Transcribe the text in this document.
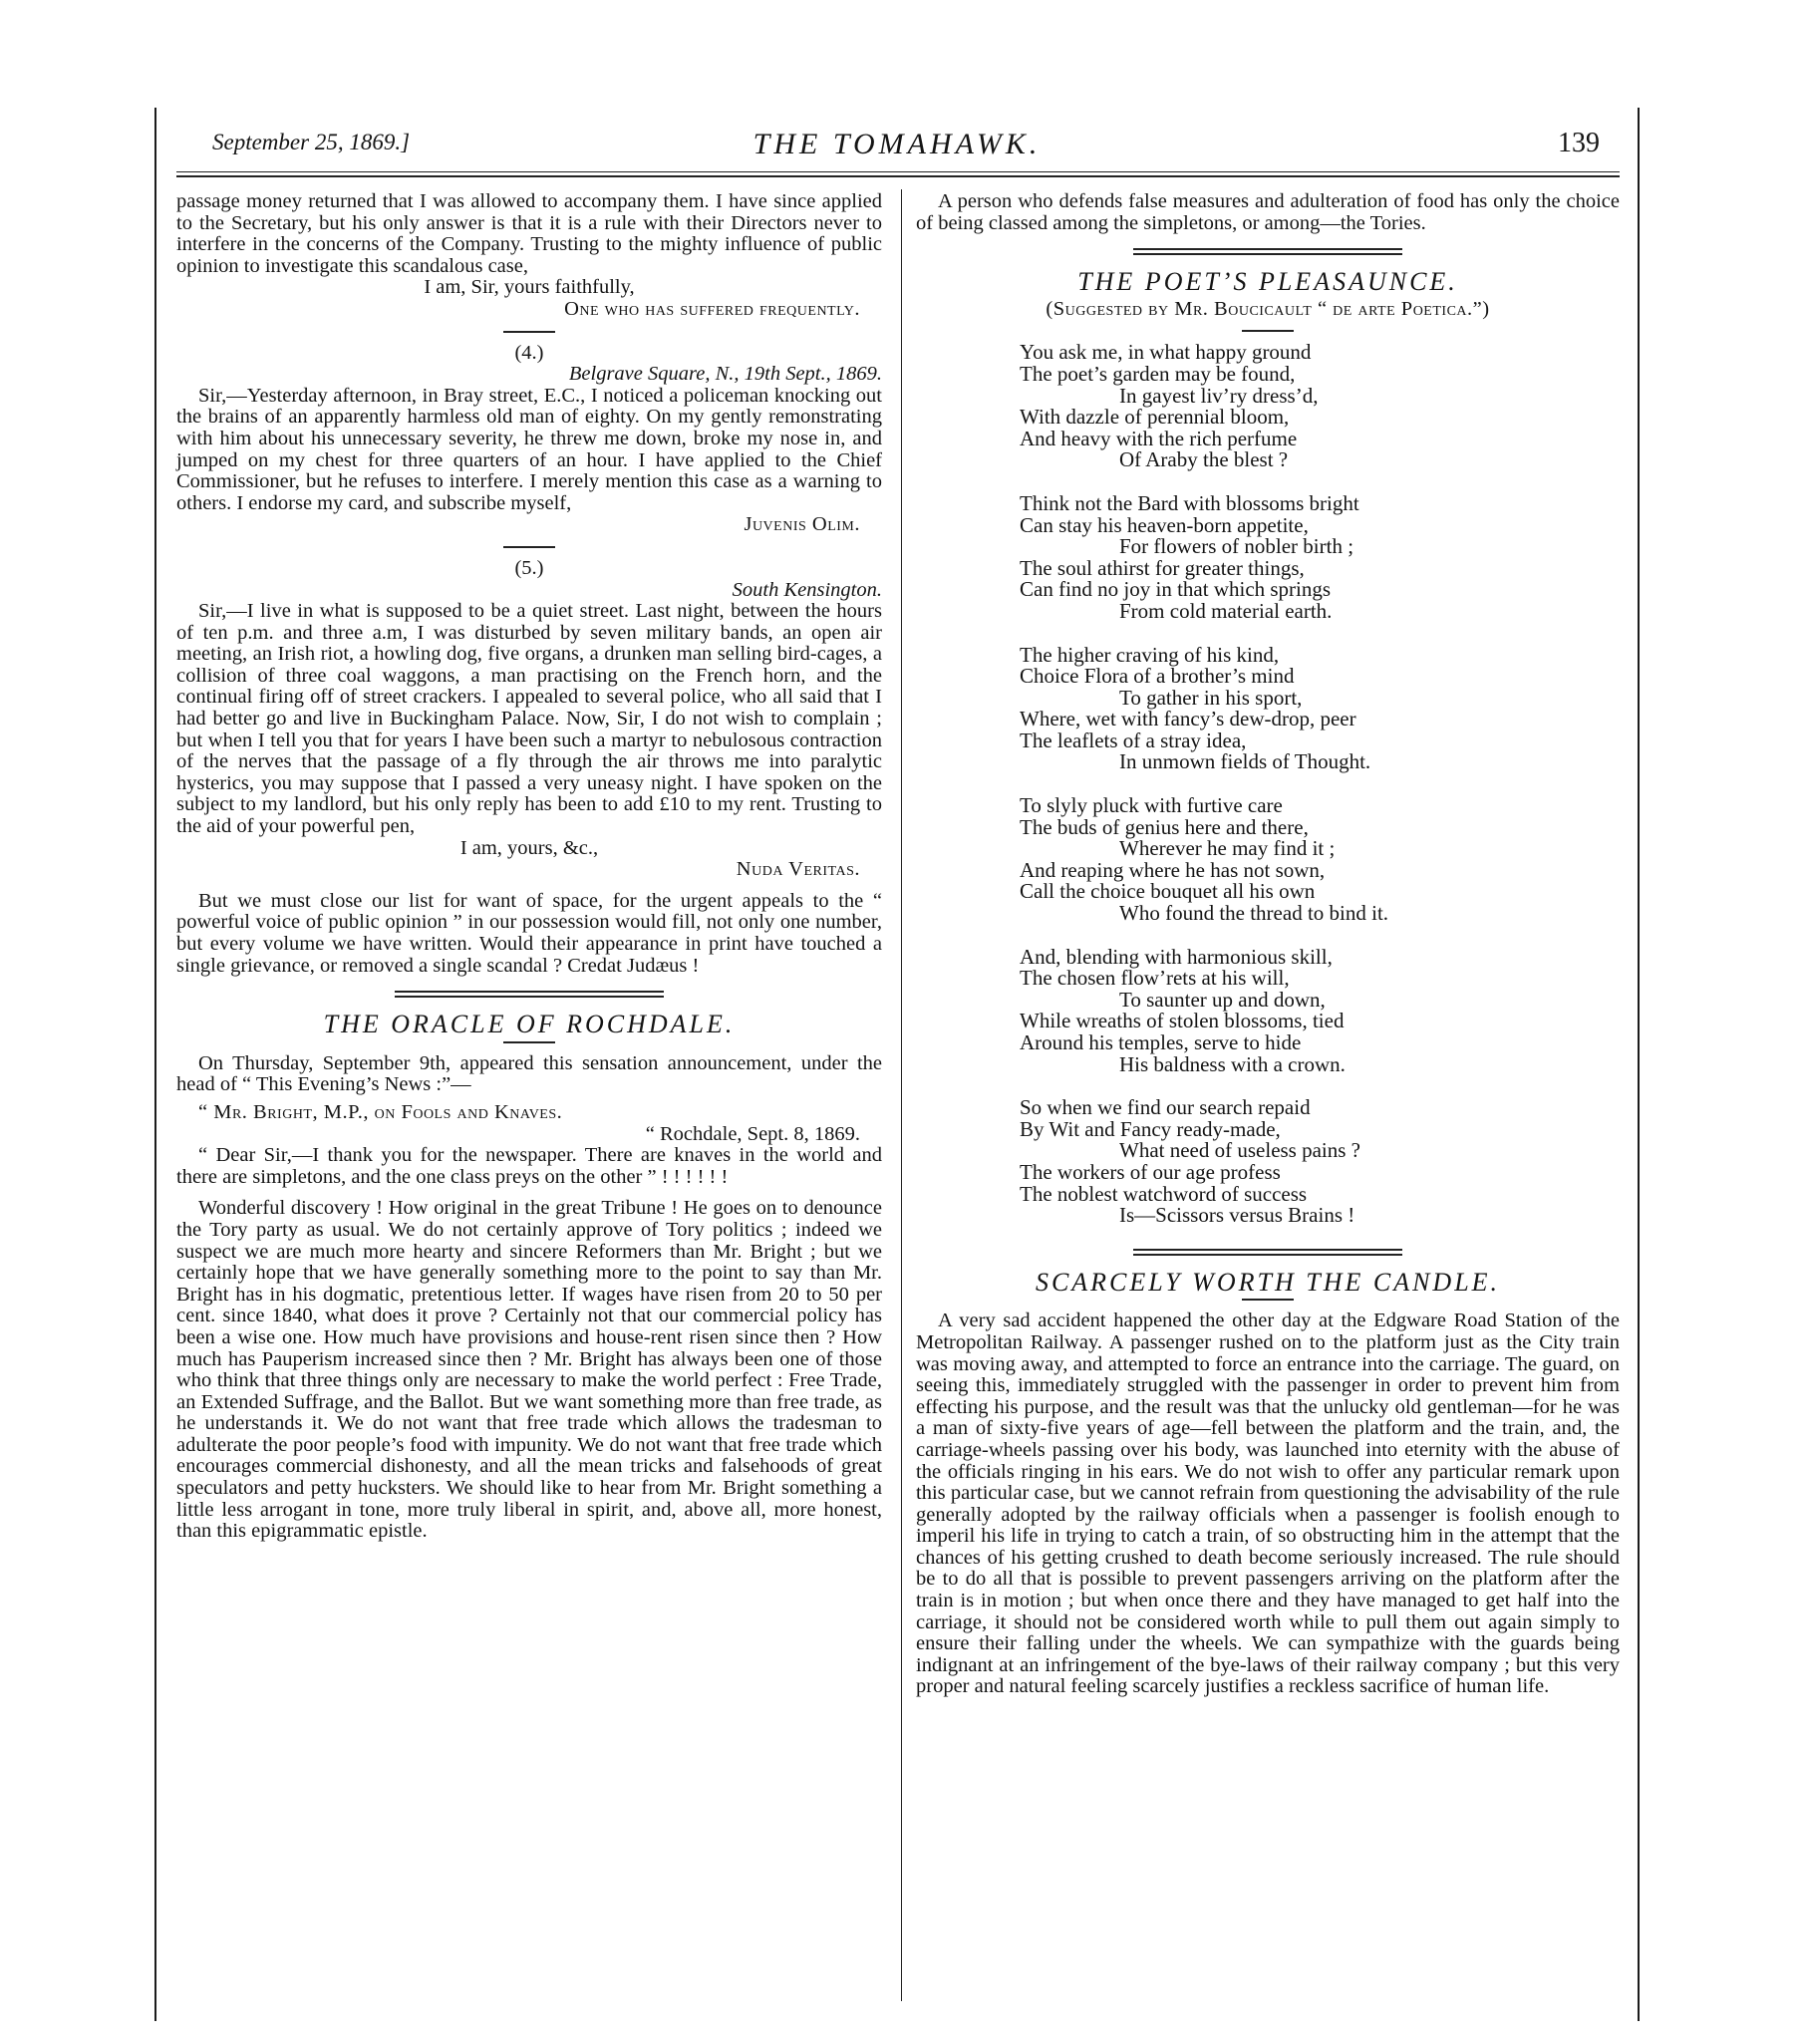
September 25, 1869.]	THE TOMAHAWK.	139

passage money returned that I was allowed to accompany them. I have since applied to the Secretary, but his only answer is that it is a rule with their Directors never to interfere in the concerns of the Company. Trusting to the mighty influence of public opinion to investigate this scandalous case,

I am, Sir, yours faithfully,

One who has suffered frequently.

(4.)

Belgrave Square, N., 19th Sept., 1869.

Sir,—Yesterday afternoon, in Bray street, E.C., I noticed a policeman knocking out the brains of an apparently harmless old man of eighty. On my gently remonstrating with him about his unnecessary severity, he threw me down, broke my nose in, and jumped on my chest for three quarters of an hour. I have applied to the Chief Commissioner, but he refuses to interfere. I merely mention this case as a warning to others. I endorse my card, and subscribe myself,

Juvenis Olim.

(5.)

South Kensington.

Sir,—I live in what is supposed to be a quiet street. Last night, between the hours of ten p.m. and three a.m, I was disturbed by seven military bands, an open air meeting, an Irish riot, a howling dog, five organs, a drunken man selling bird-cages, a collision of three coal waggons, a man practising on the French horn, and the continual firing off of street crackers. I appealed to several police, who all said that I had better go and live in Buckingham Palace. Now, Sir, I do not wish to complain ; but when I tell you that for years I have been such a martyr to nebulosous contraction of the nerves that the passage of a fly through the air throws me into paralytic hysterics, you may suppose that I passed a very uneasy night. I have spoken on the subject to my landlord, but his only reply has been to add £10 to my rent. Trusting to the aid of your powerful pen,

I am, yours, &c.,

Nuda Veritas.

But we must close our list for want of space, for the urgent appeals to the “ powerful voice of public opinion ” in our possession would fill, not only one number, but every volume we have written. Would their appearance in print have touched a single grievance, or removed a single scandal ? Credat Judæus !

THE ORACLE OF ROCHDALE.

On Thursday, September 9th, appeared this sensation announcement, under the head of “ This Evening’s News :”—

“ Mr. Bright, M.P., on Fools and Knaves.

“ Rochdale, Sept. 8, 1869.

“ Dear Sir,—I thank you for the newspaper. There are knaves in the world and there are simpletons, and the one class preys on the other ” ! ! ! ! ! !

Wonderful discovery ! How original in the great Tribune ! He goes on to denounce the Tory party as usual. We do not certainly approve of Tory politics ; indeed we suspect we are much more hearty and sincere Reformers than Mr. Bright ; but we certainly hope that we have generally something more to the point to say than Mr. Bright has in his dogmatic, pretentious letter. If wages have risen from 20 to 50 per cent. since 1840, what does it prove ? Certainly not that our commercial policy has been a wise one. How much have provisions and house-rent risen since then ? How much has Pauperism increased since then ? Mr. Bright has always been one of those who think that three things only are necessary to make the world perfect : Free Trade, an Extended Suffrage, and the Ballot. But we want something more than free trade, as he understands it. We do not want that free trade which allows the tradesman to adulterate the poor people’s food with impunity. We do not want that free trade which encourages commercial dishonesty, and all the mean tricks and falsehoods of great speculators and petty hucksters. We should like to hear from Mr. Bright something a little less arrogant in tone, more truly liberal in spirit, and, above all, more honest, than this epigrammatic epistle.

A person who defends false measures and adulteration of food has only the choice of being classed among the simpletons, or among—the Tories.

THE POET’S PLEASAUNCE.

(Suggested by Mr. Boucicault “ de arte Poetica.”)

You ask me, in what happy ground
The poet’s garden may be found,
In gayest liv’ry dress’d,
With dazzle of perennial bloom,
And heavy with the rich perfume
Of Araby the blest ?
Think not the Bard with blossoms bright
Can stay his heaven-born appetite,
For flowers of nobler birth ;
The soul athirst for greater things,
Can find no joy in that which springs
From cold material earth.
The higher craving of his kind,
Choice Flora of a brother’s mind
To gather in his sport,
Where, wet with fancy’s dew-drop, peer
The leaflets of a stray idea,
In unmown fields of Thought.
To slyly pluck with furtive care
The buds of genius here and there,
Wherever he may find it ;
And reaping where he has not sown,
Call the choice bouquet all his own
Who found the thread to bind it.
And, blending with harmonious skill,
The chosen flow’rets at his will,
To saunter up and down,
While wreaths of stolen blossoms, tied
Around his temples, serve to hide
His baldness with a crown.
So when we find our search repaid
By Wit and Fancy ready-made,
What need of useless pains ?
The workers of our age profess
The noblest watchword of success
Is—Scissors versus Brains !
SCARCELY WORTH THE CANDLE.

A very sad accident happened the other day at the Edgware Road Station of the Metropolitan Railway. A passenger rushed on to the platform just as the City train was moving away, and attempted to force an entrance into the carriage. The guard, on seeing this, immediately struggled with the passenger in order to prevent him from effecting his purpose, and the result was that the unlucky old gentleman—for he was a man of sixty-five years of age—fell between the platform and the train, and, the carriage-wheels passing over his body, was launched into eternity with the abuse of the officials ringing in his ears. We do not wish to offer any particular remark upon this particular case, but we cannot refrain from questioning the advisability of the rule generally adopted by the railway officials when a passenger is foolish enough to imperil his life in trying to catch a train, of so obstructing him in the attempt that the chances of his getting crushed to death become seriously increased. The rule should be to do all that is possible to prevent passengers arriving on the platform after the train is in motion ; but when once there and they have managed to get half into the carriage, it should not be considered worth while to pull them out again simply to ensure their falling under the wheels. We can sympathize with the guards being indignant at an infringement of the bye-laws of their railway company ; but this very proper and natural feeling scarcely justifies a reckless sacrifice of human life.
